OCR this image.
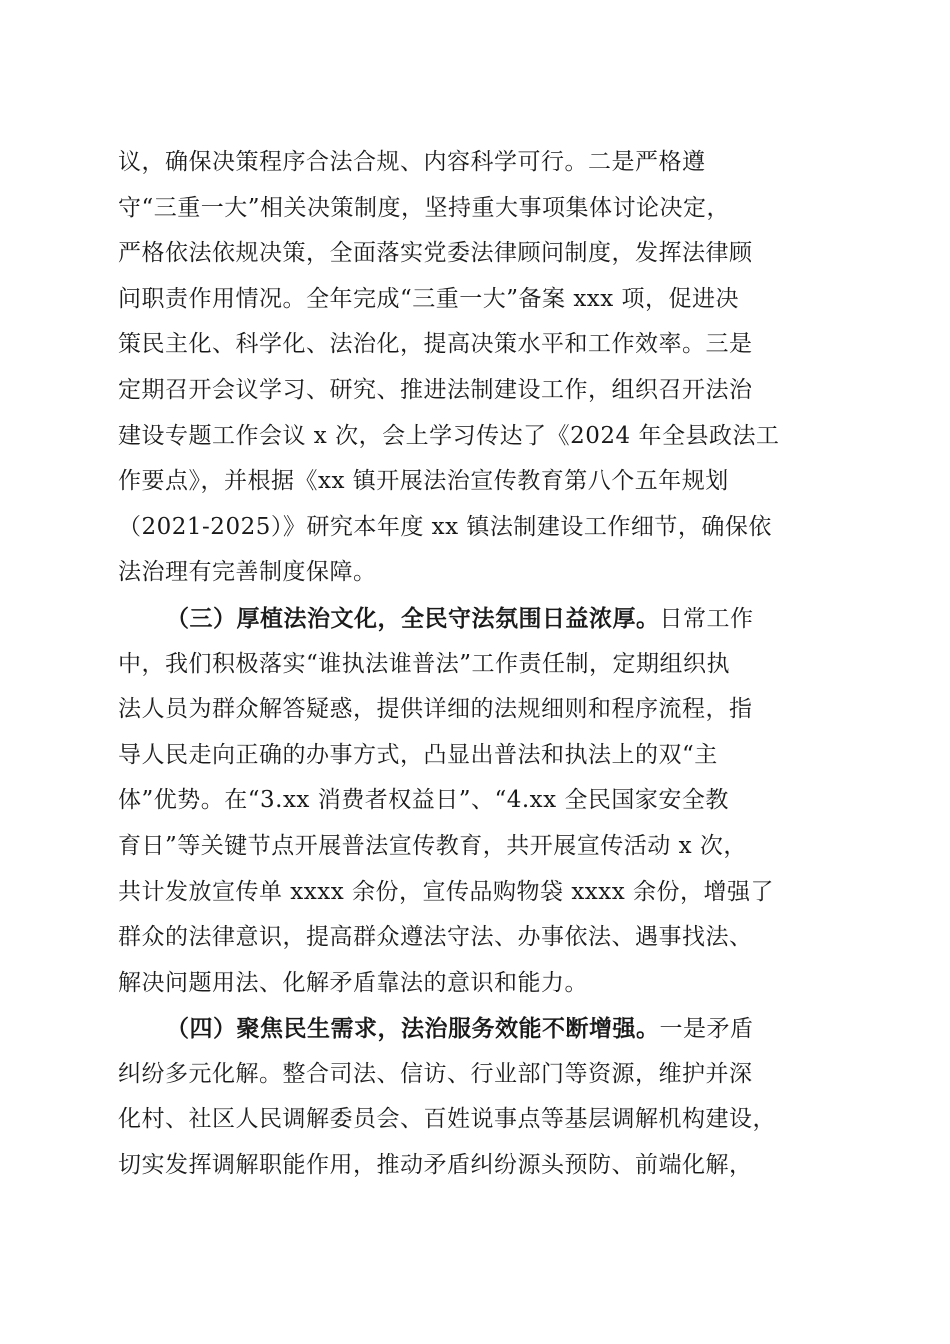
议，确保决策程序合法合规、内容科学可行。二是严格遵
守“三重一大”相关决策制度，坚持重大事项集体讨论决定，
严格依法依规决策，全面落实党委法律顾问制度，发挥法律顾
问职责作用情况。全年完成“三重一大”备案 xxx 项，促进决
策民主化、科学化、法治化，提高决策水平和工作效率。三是
定期召开会议学习、研究、推进法制建设工作，组织召开法治
建设专题工作会议 x 次，会上学习传达了《2024 年全县政法工
作要点》，并根据《xx 镇开展法治宣传教育第八个五年规划
（2021-2025）》研究本年度 xx 镇法制建设工作细节，确保依
法治理有完善制度保障。
（三）厚植法治文化，全民守法氛围日益浓厚。日常工作
中，我们积极落实“谁执法谁普法”工作责任制，定期组织执
法人员为群众解答疑惑，提供详细的法规细则和程序流程，指
导人民走向正确的办事方式，凸显出普法和执法上的双“主
体”优势。在“3.xx 消费者权益日”、“4.xx 全民国家安全教
育日”等关键节点开展普法宣传教育，共开展宣传活动 x 次，
共计发放宣传单 xxxx 余份，宣传品购物袋 xxxx 余份，增强了
群众的法律意识，提高群众遵法守法、办事依法、遇事找法、
解决问题用法、化解矛盾靠法的意识和能力。
（四）聚焦民生需求，法治服务效能不断增强。一是矛盾
纠纷多元化解。整合司法、信访、行业部门等资源，维护并深
化村、社区人民调解委员会、百姓说事点等基层调解机构建设，
切实发挥调解职能作用，推动矛盾纠纷源头预防、前端化解，
